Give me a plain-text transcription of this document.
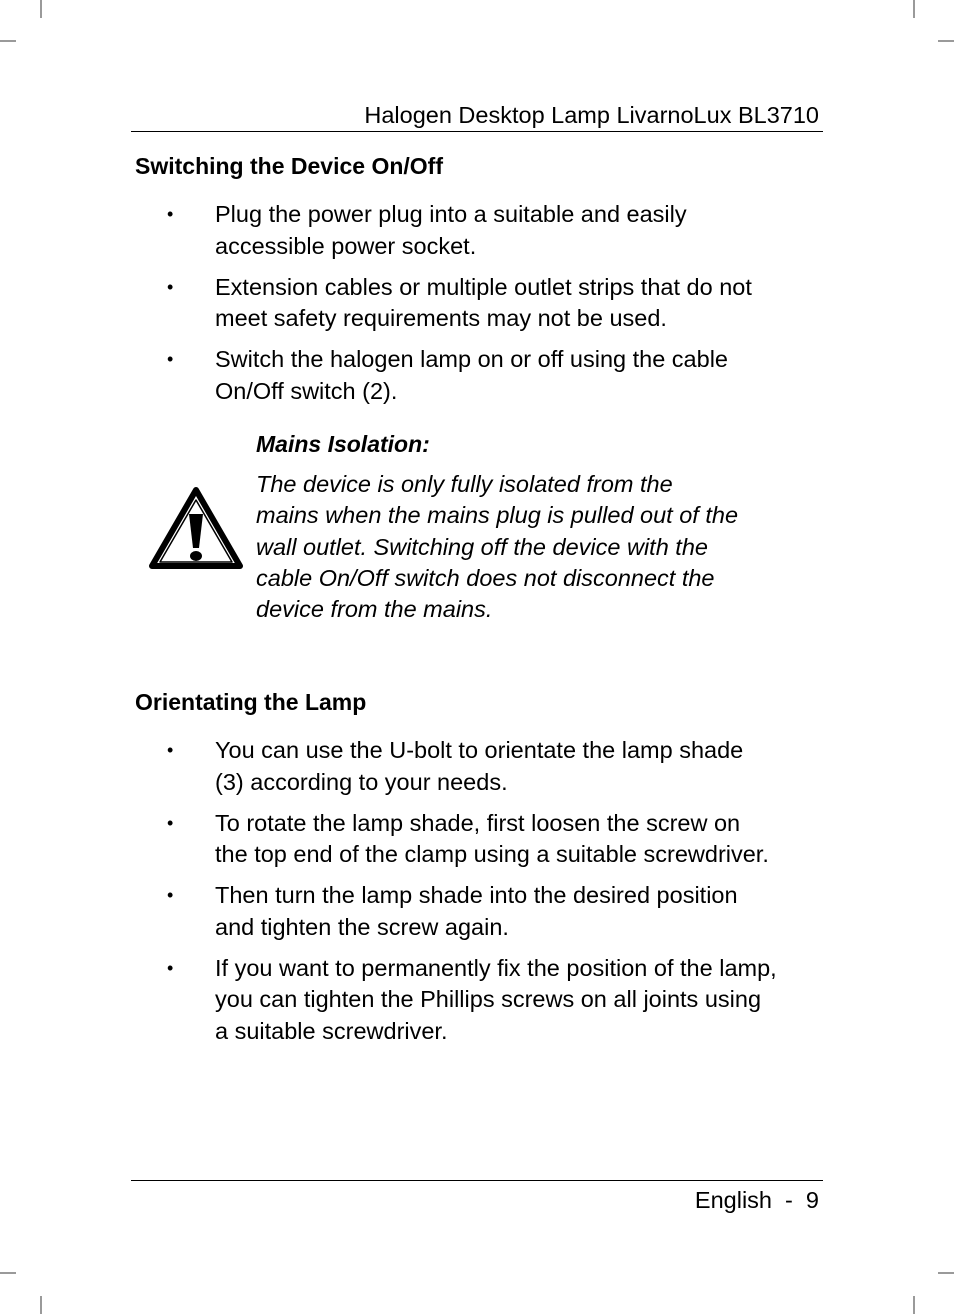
Halogen Desktop Lamp LivarnoLux BL3710
Switching the Device On/Off
• Plug the power plug into a suitable and easily
accessible power socket.
• Extension cables or multiple outlet strips that do not
meet safety requirements may not be used.
• Switch the halogen lamp on or off using the cable
On/Off switch (2).
Mains Isolation:
The device is only fully isolated from the
mains when the mains plug is pulled out of the
wall outlet. Switching off the device with the
cable On/Off switch does not disconnect the
device from the mains.
Orientating the Lamp
• You can use the U-bolt to orientate the lamp shade
(3) according to your needs.
• To rotate the lamp shade, first loosen the screw on
the top end of the clamp using a suitable screwdriver.
• Then turn the lamp shade into the desired position
and tighten the screw again.
• If you want to permanently fix the position of the lamp,
you can tighten the Phillips screws on all joints using
a suitable screwdriver.
English  -  9
